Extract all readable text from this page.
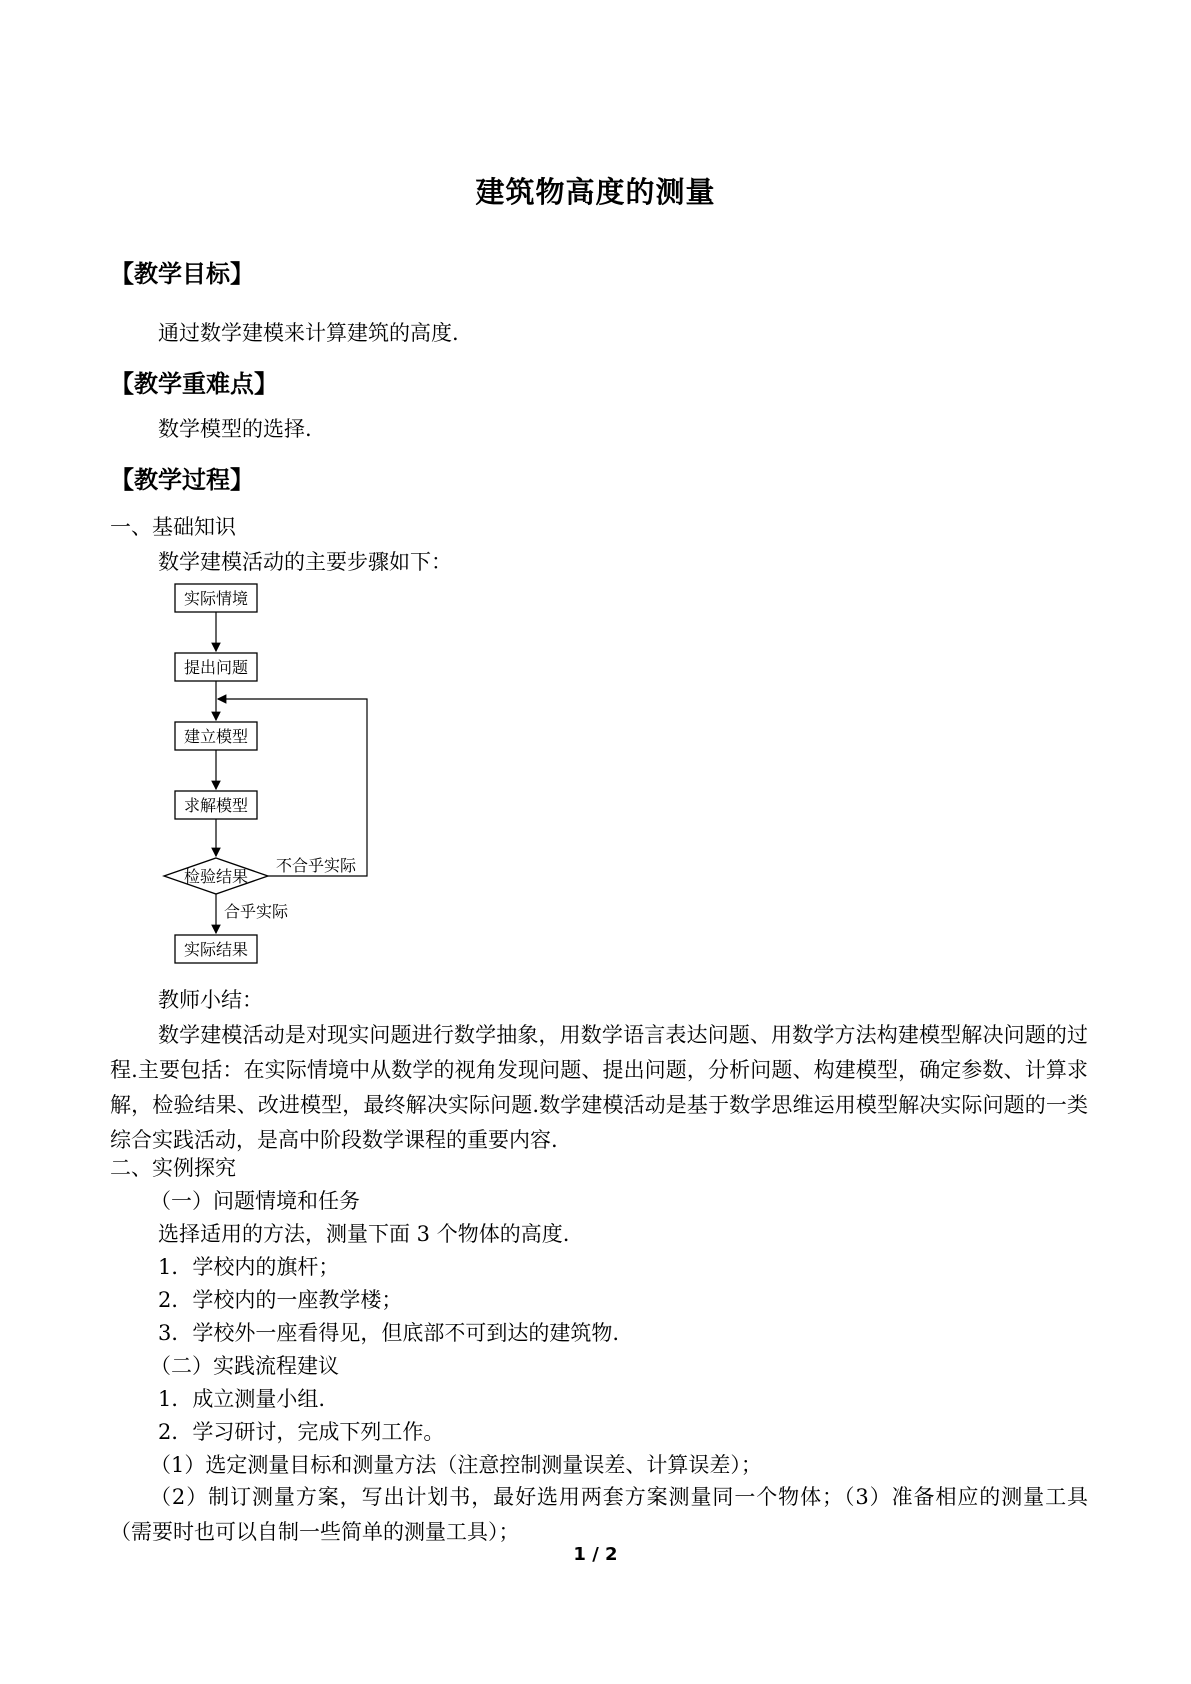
建筑物高度的测量
【教学目标】
通过数学建模来计算建筑的高度.
【教学重难点】
数学模型的选择.
【教学过程】
一、基础知识
数学建模活动的主要步骤如下：
实际情境
提出问题
建立模型
求解模型
检验结果
实际结果
不合乎实际
合乎实际
教师小结：
数学建模活动是对现实问题进行数学抽象，用数学语言表达问题、用数学方法构建模型解决问题的过程.主要包括：在实际情境中从数学的视角发现问题、提出问题，分析问题、构建模型，确定参数、计算求解，检验结果、改进模型，最终解决实际问题.数学建模活动是基于数学思维运用模型解决实际问题的一类综合实践活动，是高中阶段数学课程的重要内容.
二、实例探究
（一）问题情境和任务
选择适用的方法，测量下面 3 个物体的高度.
1．学校内的旗杆；
2．学校内的一座教学楼；
3．学校外一座看得见，但底部不可到达的建筑物.
（二）实践流程建议
1．成立测量小组.
2．学习研讨，完成下列工作。
（1）选定测量目标和测量方法（注意控制测量误差、计算误差）；
（2）制订测量方案，写出计划书，最好选用两套方案测量同一个物体；（3）准备相应的测量工具（需要时也可以自制一些简单的测量工具）；
1 / 2
